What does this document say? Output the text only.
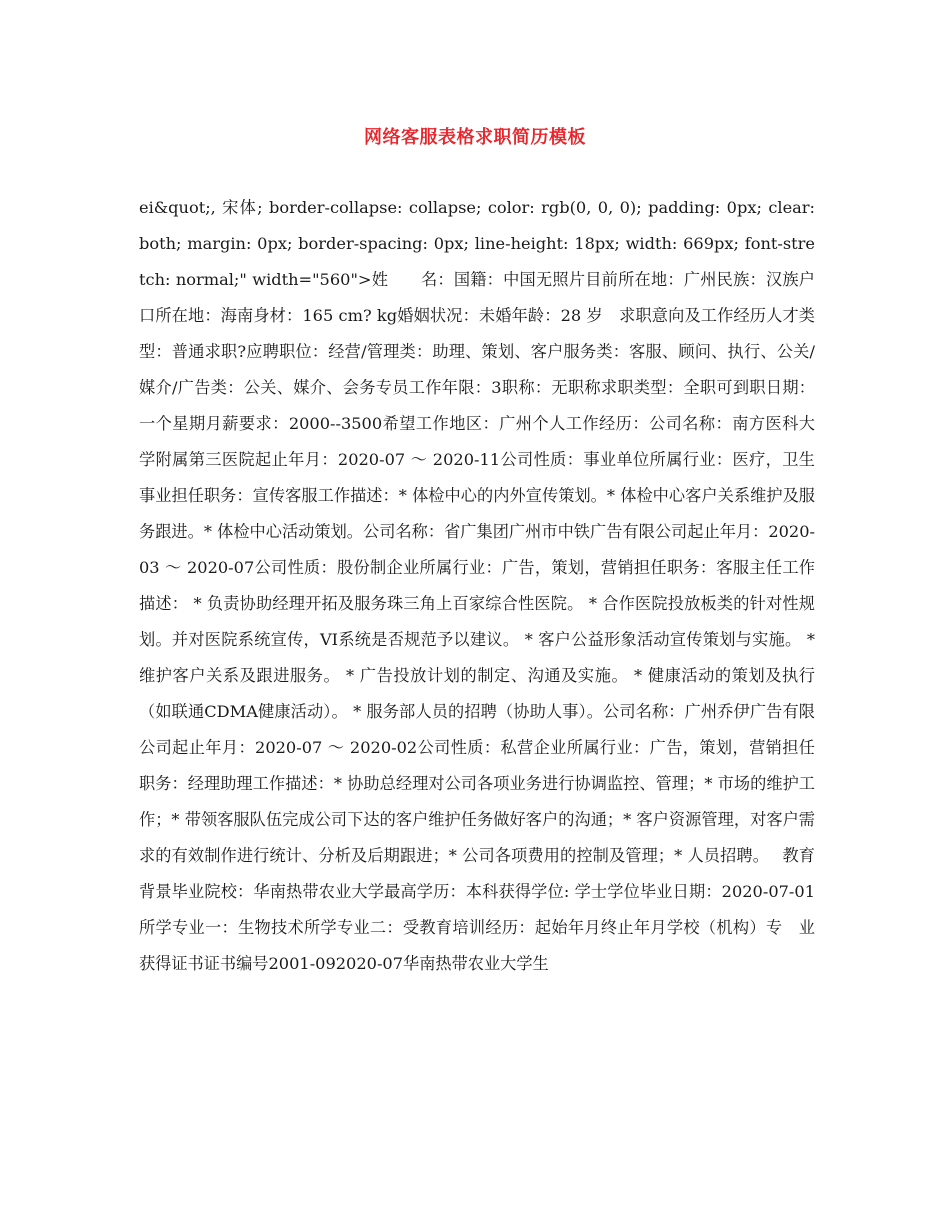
网络客服表格求职简历模板

ei&quot;, 宋体; border-collapse: collapse; color: rgb(0, 0, 0); padding: 0px; clear: both; margin: 0px; border-spacing: 0px; line-height: 18px; width: 669px; font-stretch: normal;" width="560">姓　　名：国籍：中国无照片目前所在地：广州民族：汉族户口所在地：海南身材：165 cm? kg婚姻状况：未婚年龄：28 岁　求职意向及工作经历人才类型：普通求职?应聘职位：经营/管理类：助理、策划、客户服务类：客服、顾问、执行、公关/媒介/广告类：公关、媒介、会务专员工作年限：3职称：无职称求职类型：全职可到职日期：一个星期月薪要求：2000--3500希望工作地区：广州个人工作经历：公司名称：南方医科大学附属第三医院起止年月：2020-07 ～ 2020-11公司性质：事业单位所属行业：医疗，卫生事业担任职务：宣传客服工作描述：* 体检中心的内外宣传策划。* 体检中心客户关系维护及服务跟进。* 体检中心活动策划。公司名称：省广集团广州市中铁广告有限公司起止年月：2020-03 ～ 2020-07公司性质：股份制企业所属行业：广告，策划，营销担任职务：客服主任工作描述： * 负责协助经理开拓及服务珠三角上百家综合性医院。 * 合作医院投放板类的针对性规划。并对医院系统宣传，VI系统是否规范予以建议。 * 客户公益形象活动宣传策划与实施。 * 维护客户关系及跟进服务。 * 广告投放计划的制定、沟通及实施。 * 健康活动的策划及执行（如联通CDMA健康活动）。 * 服务部人员的招聘（协助人事）。公司名称：广州乔伊广告有限公司起止年月：2020-07 ～ 2020-02公司性质：私营企业所属行业：广告，策划，营销担任职务：经理助理工作描述：* 协助总经理对公司各项业务进行协调监控、管理；* 市场的维护工作；* 带领客服队伍完成公司下达的客户维护任务做好客户的沟通；* 客户资源管理，对客户需求的有效制作进行统计、分析及后期跟进；* 公司各项费用的控制及管理；* 人员招聘。　 教育背景毕业院校：华南热带农业大学最高学历：本科获得学位: 学士学位毕业日期：2020-07-01所学专业一：生物技术所学专业二：受教育培训经历：起始年月终止年月学校（机构）专　业获得证书证书编号2001-092020-07华南热带农业大学生
